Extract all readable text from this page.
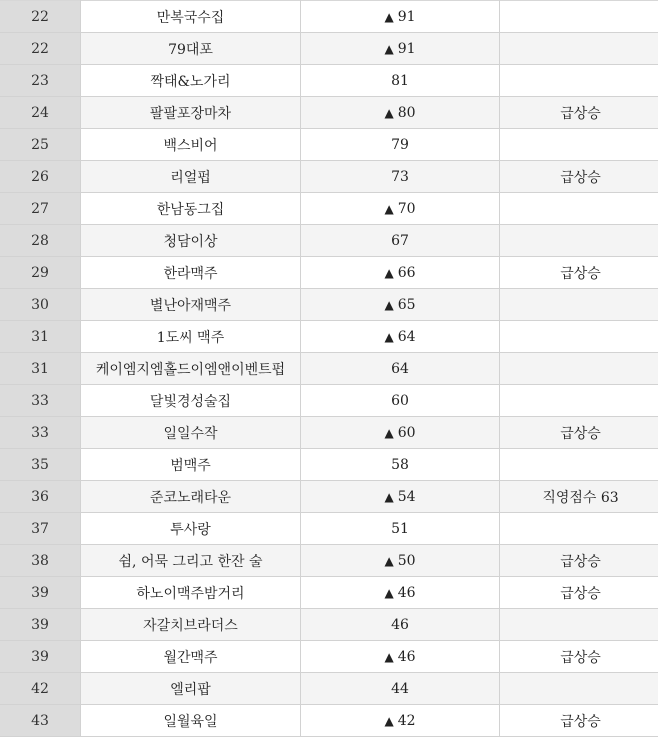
22	만복국수집	▲ 91	
22	79대포	▲ 91	
23	짝태&노가리	81	
24	팔팔포장마차	▲ 80	급상승
25	백스비어	79	
26	리얼펍	73	급상승
27	한남동그집	▲ 70	
28	청담이상	67	
29	한라맥주	▲ 66	급상승
30	별난아재맥주	▲ 65	
31	1도씨 맥주	▲ 64	
31	케이엠지엠홀드이엠앤이벤트펍	64	
33	달빛경성술집	60	
33	일일수작	▲ 60	급상승
35	범맥주	58	
36	준코노래타운	▲ 54	직영점수 63
37	투사랑	51	
38	쉼, 어묵 그리고 한잔 술	▲ 50	급상승
39	하노이맥주밤거리	▲ 46	급상승
39	자갈치브라더스	46	
39	월간맥주	▲ 46	급상승
42	엘리팝	44	
43	일월육일	▲ 42	급상승
